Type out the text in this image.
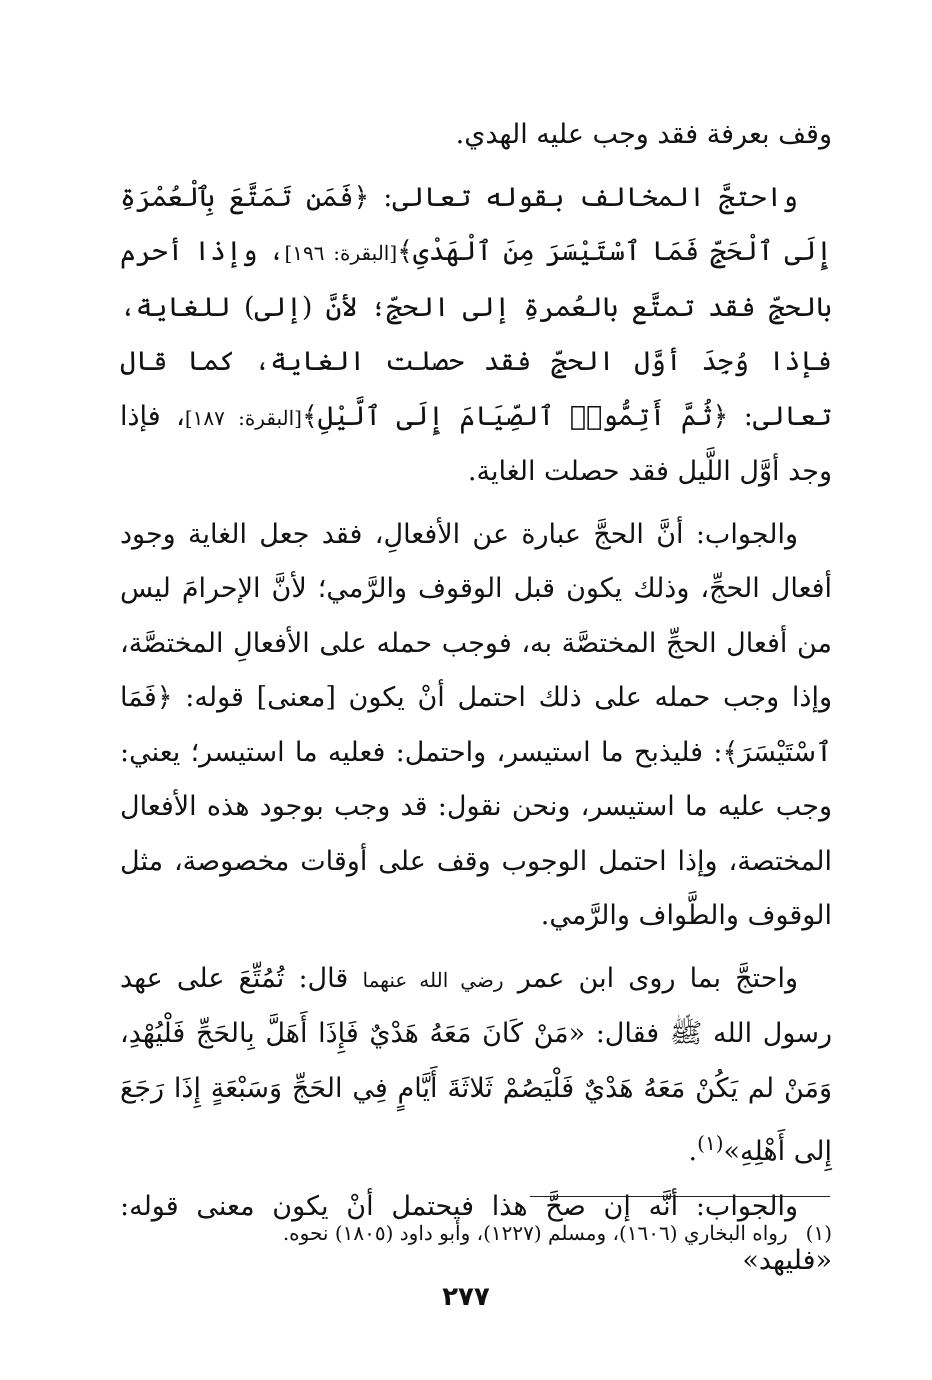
وقف بعرفة فقد وجب عليه الهدي.

واحتجَّ المخالف بقوله تعالى: ﴿فَمَن تَمَتَّعَ بِٱلْعُمْرَةِ إِلَى ٱلْحَجِّ فَمَا ٱسْتَيْسَرَ مِنَ ٱلْهَدْىِ﴾[البقرة: ١٩٦]، وإذا أحرم بالحجِّ فقد تمتَّع بالعُمرةِ إلى الحجِّ؛ لأنَّ (إلى) للغاية، فإذا وُجِدَ أوَّل الحجِّ فقد حصلت الغاية، كما قال تعالى: ﴿ثُمَّ أَتِمُّوا۟ ٱلصِّيَامَ إِلَى ٱلَّيْلِ﴾[البقرة: ١٨٧]، فإذا وجد أوَّل اللَّيل فقد حصلت الغاية.

والجواب: أنَّ الحجَّ عبارة عن الأفعالِ، فقد جعل الغاية وجود أفعال الحجِّ، وذلك يكون قبل الوقوف والرَّمي؛ لأنَّ الإحرامَ ليس من أفعال الحجِّ المختصَّة به، فوجب حمله على الأفعالِ المختصَّة، وإذا وجب حمله على ذلك احتمل أنْ يكون [معنى] قوله: ﴿فَمَا ٱسْتَيْسَرَ﴾: فليذبح ما استيسر، واحتمل: فعليه ما استيسر؛ يعني: وجب عليه ما استيسر، ونحن نقول: قد وجب بوجود هذه الأفعال المختصة، وإذا احتمل الوجوب وقف على أوقات مخصوصة، مثل الوقوف والطَّواف والرَّمي.

واحتجَّ بما روى ابن عمر رضي الله عنهما قال: تُمُتِّعَ على عهد رسول الله ﷺ فقال: «مَنْ كَانَ مَعَهُ هَدْيٌ فَإِذَا أَهَلَّ بِالحَجِّ فَلْيُهْدِ، وَمَنْ لم يَكُنْ مَعَهُ هَدْيٌ فَلْيَصُمْ ثَلاثَةَ أَيَّامٍ فِي الحَجِّ وَسَبْعَةٍ إِذَا رَجَعَ إِلى أَهْلِهِ»$^{(١)}$.

والجواب: أنَّه إن صحَّ هذا فيحتمل أنْ يكون معنى قوله: «فليهد»

(١)رواه البخاري (١٦٠٦)، ومسلم (١٢٢٧)، وأبو داود (١٨٠٥) نحوه.
٢٧٧
